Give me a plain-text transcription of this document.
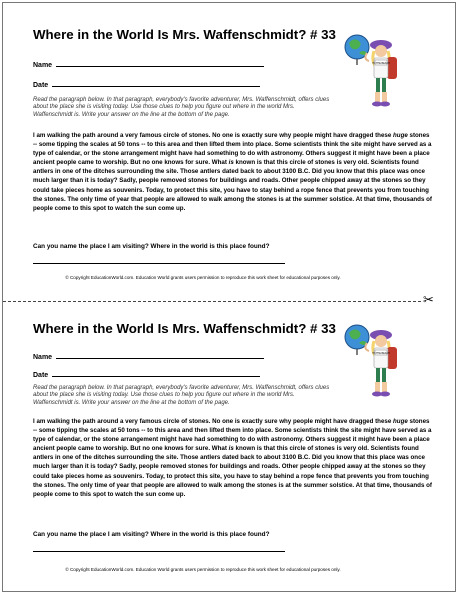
Where in the World Is Mrs. Waffenschmidt? # 33
Name
Date
Read the paragraph below. In that paragraph, everybody's favorite adventurer, Mrs. Waffenschmidt, offers clues about the place she is visiting today. Use those clues to help you figure out where in the world Mrs. Waffenschmidt is. Write your answer on the line at the bottom of the page.

I am walking the path around a very famous circle of stones. No one is exactly sure why people might have dragged these huge stones -- some tipping the scales at 50 tons -- to this area and then lifted them into place. Some scientists think the site might have served as a type of calendar, or the stone arrangement might have had something to do with astronomy. Others suggest it might have been a place ancient people came to worship. But no one knows for sure. What is known is that this circle of stones is very old. Scientists found antlers in one of the ditches surrounding the site. Those antlers dated back to about 3100 B.C. Did you know that this place was once much larger than it is today? Sadly, people removed stones for buildings and roads. Other people chipped away at the stones so they could take pieces home as souvenirs. Today, to protect this site, you have to stay behind a rope fence that prevents you from touching the stones. The only time of year that people are allowed to walk among the stones is at the summer solstice. At that time, thousands of people come to this spot to watch the sun come up.

Can you name the place I am visiting? Where in the world is this place found?
TO THE BEACH
© Copyright EducationWorld.com. Education World grants users permission to reproduce this work sheet for educational purposes only.
✂
Where in the World Is Mrs. Waffenschmidt? # 33
Name
Date
Read the paragraph below. In that paragraph, everybody's favorite adventurer, Mrs. Waffenschmidt, offers clues about the place she is visiting today. Use those clues to help you figure out where in the world Mrs. Waffenschmidt is. Write your answer on the line at the bottom of the page.

I am walking the path around a very famous circle of stones. No one is exactly sure why people might have dragged these huge stones -- some tipping the scales at 50 tons -- to this area and then lifted them into place. Some scientists think the site might have served as a type of calendar, or the stone arrangement might have had something to do with astronomy. Others suggest it might have been a place ancient people came to worship. But no one knows for sure. What is known is that this circle of stones is very old. Scientists found antlers in one of the ditches surrounding the site. Those antlers dated back to about 3100 B.C. Did you know that this place was once much larger than it is today? Sadly, people removed stones for buildings and roads. Other people chipped away at the stones so they could take pieces home as souvenirs. Today, to protect this site, you have to stay behind a rope fence that prevents you from touching the stones. The only time of year that people are allowed to walk among the stones is at the summer solstice. At that time, thousands of people come to this spot to watch the sun come up.

Can you name the place I am visiting? Where in the world is this place found?
TO THE BEACH
© Copyright EducationWorld.com. Education World grants users permission to reproduce this work sheet for educational purposes only.
